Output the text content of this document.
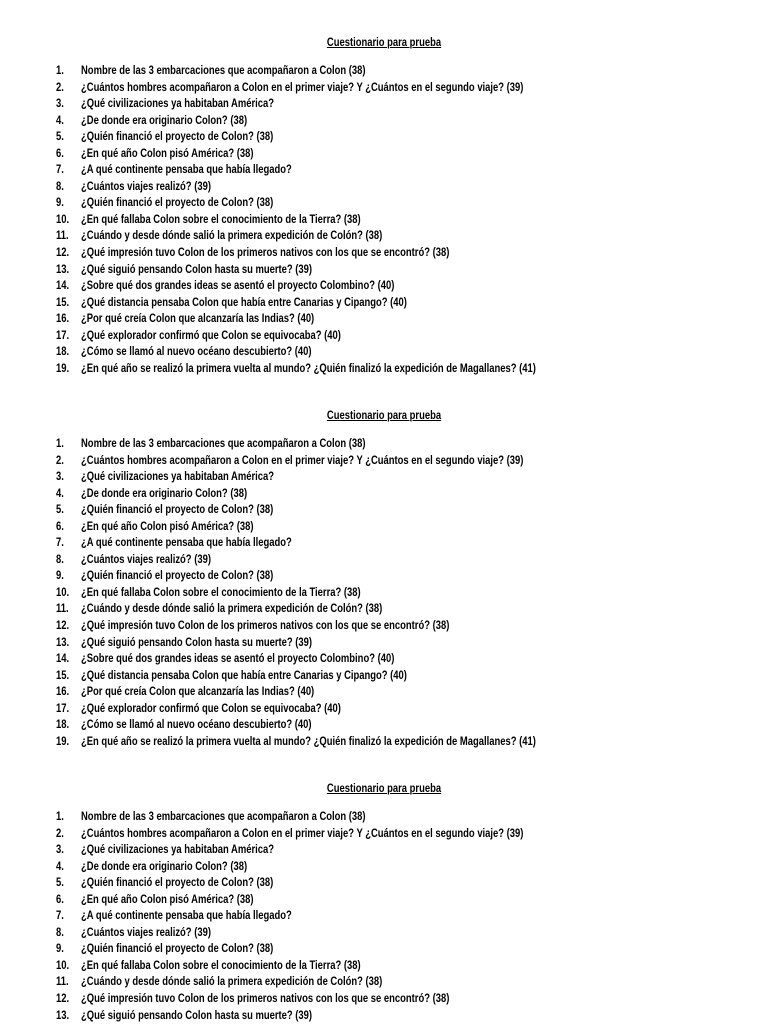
Cuestionario para prueba
1.	Nombre de las 3 embarcaciones que acompañaron a Colon (38)
2.	¿Cuántos hombres acompañaron a Colon en el primer viaje? Y ¿Cuántos en el segundo viaje? (39)
3.	¿Qué civilizaciones ya habitaban América?
4.	¿De donde era originario Colon? (38)
5.	¿Quién financió el proyecto de Colon? (38)
6.	¿En qué año Colon pisó América? (38)
7.	¿A qué continente pensaba que había llegado?
8.	¿Cuántos viajes realizó? (39)
9.	¿Quién financió el proyecto de Colon? (38)
10. ¿En qué fallaba Colon sobre el conocimiento de la Tierra? (38)
11.	¿Cuándo y desde dónde salió la primera expedición de Colón? (38)
12. ¿Qué impresión tuvo Colon de los primeros nativos con los que se encontró? (38)
13. ¿Qué siguió pensando Colon hasta su muerte? (39)
14. ¿Sobre qué dos grandes ideas se asentó el proyecto Colombino? (40)
15. ¿Qué distancia pensaba Colon que había entre Canarias y Cipango? (40)
16. ¿Por qué creía Colon que alcanzaría las Indias? (40)
17. ¿Qué explorador confirmó que Colon se equivocaba? (40)
18. ¿Cómo se llamó al nuevo océano descubierto? (40)
19. ¿En qué año se realizó la primera vuelta al mundo? ¿Quién finalizó la expedición de Magallanes? (41)
Cuestionario para prueba
1.	Nombre de las 3 embarcaciones que acompañaron a Colon (38)
2.	¿Cuántos hombres acompañaron a Colon en el primer viaje? Y ¿Cuántos en el segundo viaje? (39)
3.	¿Qué civilizaciones ya habitaban América?
4.	¿De donde era originario Colon? (38)
5.	¿Quién financió el proyecto de Colon? (38)
6.	¿En qué año Colon pisó América? (38)
7.	¿A qué continente pensaba que había llegado?
8.	¿Cuántos viajes realizó? (39)
9.	¿Quién financió el proyecto de Colon? (38)
10. ¿En qué fallaba Colon sobre el conocimiento de la Tierra? (38)
11.	¿Cuándo y desde dónde salió la primera expedición de Colón? (38)
12. ¿Qué impresión tuvo Colon de los primeros nativos con los que se encontró? (38)
13. ¿Qué siguió pensando Colon hasta su muerte? (39)
14. ¿Sobre qué dos grandes ideas se asentó el proyecto Colombino? (40)
15. ¿Qué distancia pensaba Colon que había entre Canarias y Cipango? (40)
16. ¿Por qué creía Colon que alcanzaría las Indias? (40)
17. ¿Qué explorador confirmó que Colon se equivocaba? (40)
18. ¿Cómo se llamó al nuevo océano descubierto? (40)
19. ¿En qué año se realizó la primera vuelta al mundo? ¿Quién finalizó la expedición de Magallanes? (41)
Cuestionario para prueba
1.	Nombre de las 3 embarcaciones que acompañaron a Colon (38)
2.	¿Cuántos hombres acompañaron a Colon en el primer viaje? Y ¿Cuántos en el segundo viaje? (39)
3.	¿Qué civilizaciones ya habitaban América?
4.	¿De donde era originario Colon? (38)
5.	¿Quién financió el proyecto de Colon? (38)
6.	¿En qué año Colon pisó América? (38)
7.	¿A qué continente pensaba que había llegado?
8.	¿Cuántos viajes realizó? (39)
9.	¿Quién financió el proyecto de Colon? (38)
10. ¿En qué fallaba Colon sobre el conocimiento de la Tierra? (38)
11.	¿Cuándo y desde dónde salió la primera expedición de Colón? (38)
12. ¿Qué impresión tuvo Colon de los primeros nativos con los que se encontró? (38)
13. ¿Qué siguió pensando Colon hasta su muerte? (39)
